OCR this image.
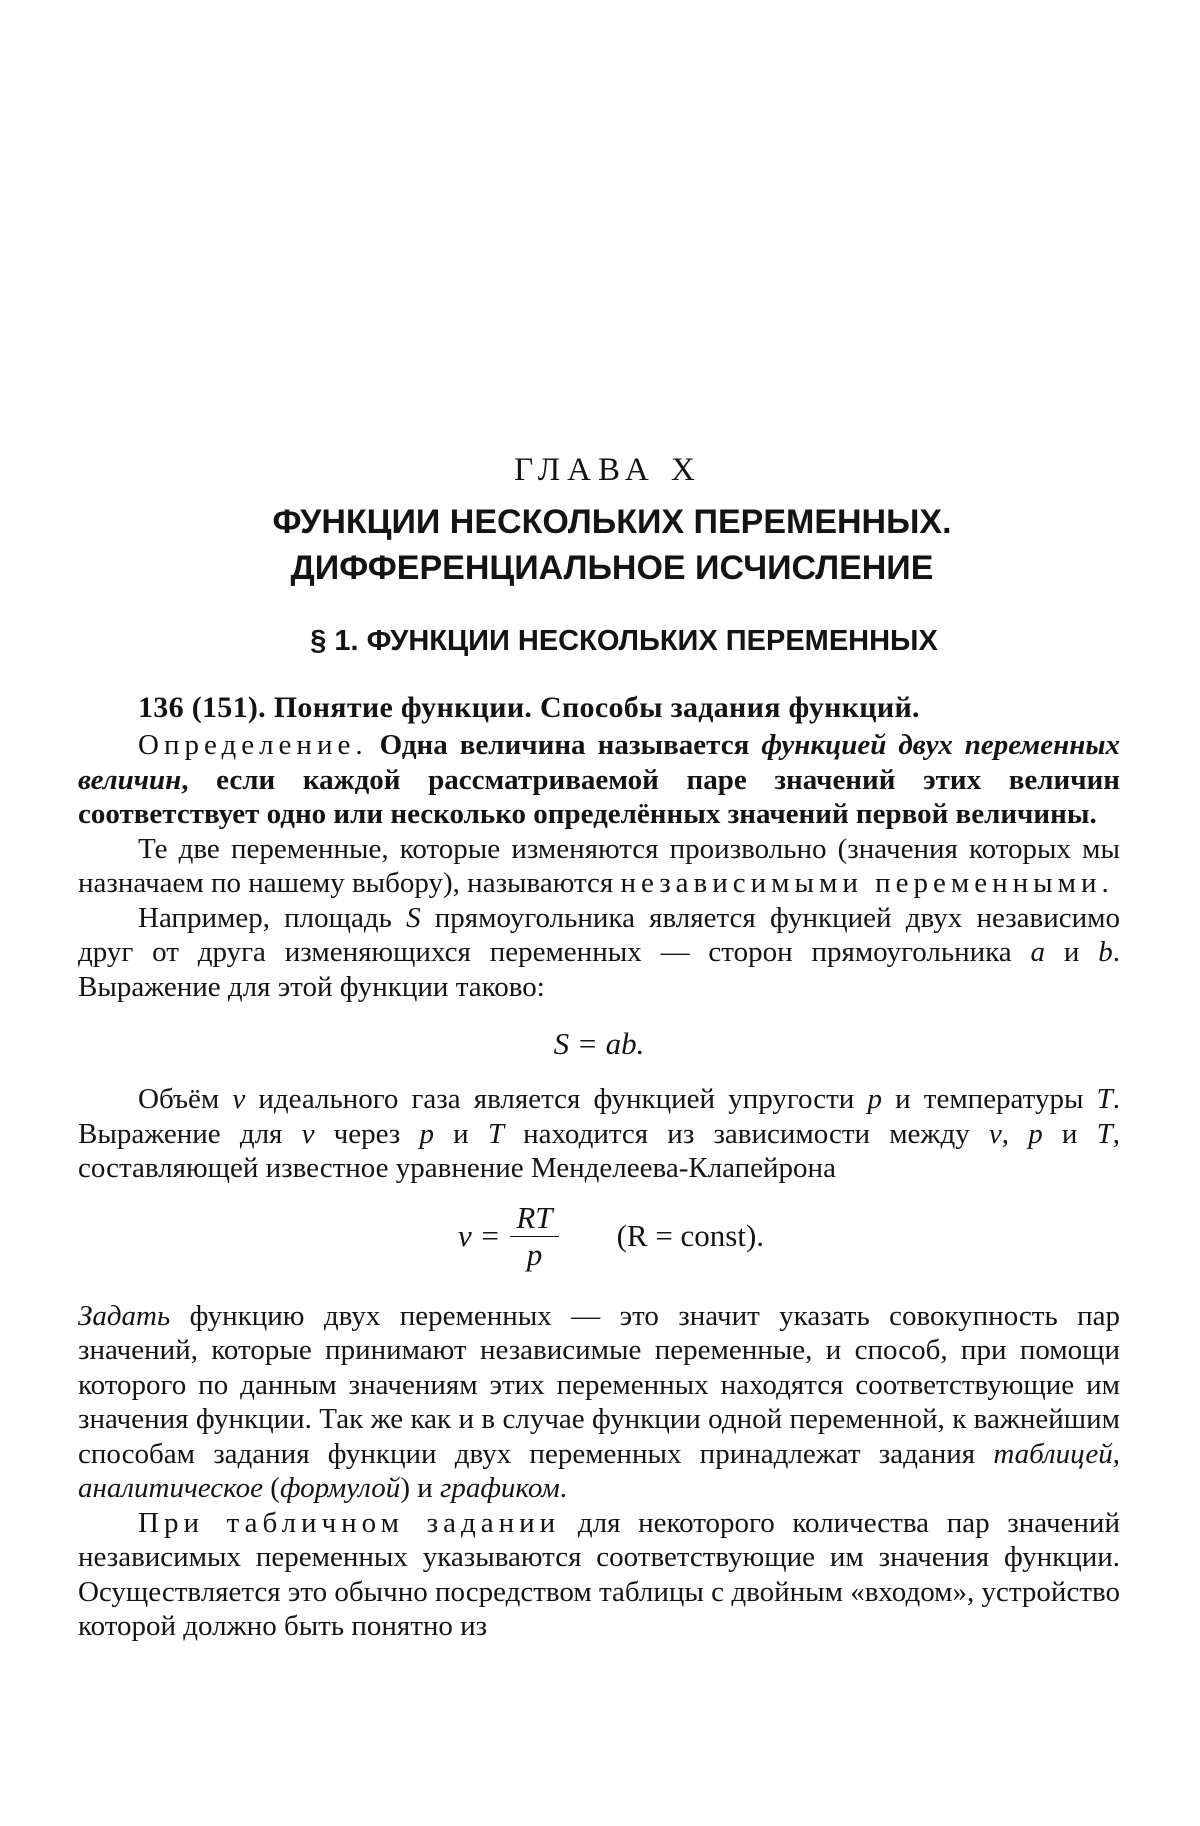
ГЛАВА X
ФУНКЦИИ НЕСКОЛЬКИХ ПЕРЕМЕННЫХ.
ДИФФЕРЕНЦИАЛЬНОЕ ИСЧИСЛЕНИЕ
§ 1. ФУНКЦИИ НЕСКОЛЬКИХ ПЕРЕМЕННЫХ
136 (151). Понятие функции. Способы задания функций.

Определение. Одна величина называется функцией двух переменных величин, если каждой рассматриваемой паре значений этих величин соответствует одно или несколько определённых значений первой величины.

Те две переменные, которые изменяются произвольно (значения которых мы назначаем по нашему выбору), называются независимыми переменными.

Например, площадь S прямоугольника является функцией двух независимо друг от друга изменяющихся переменных — сторон прямоугольника a и b. Выражение для этой функции таково:

S = ab.

Объём v идеального газа является функцией упругости p и температуры T. Выражение для v через p и T находится из зависимости между v, p и T, составляющей известное уравнение Менделеева-Клапейрона

$v = \frac{RT}{p} (R$ = const).

Задать функцию двух переменных — это значит указать совокупность пар значений, которые принимают независимые переменные, и способ, при помощи которого по данным значениям этих переменных находятся соответствующие им значения функции. Так же как и в случае функции одной переменной, к важнейшим способам задания функции двух переменных принадлежат задания таблицей, аналитическое (формулой) и графиком.

При табличном задании для некоторого количества пар значений независимых переменных указываются соответствующие им значения функции. Осуществляется это обычно посредством таблицы с двойным «входом», устройство которой должно быть понятно из
